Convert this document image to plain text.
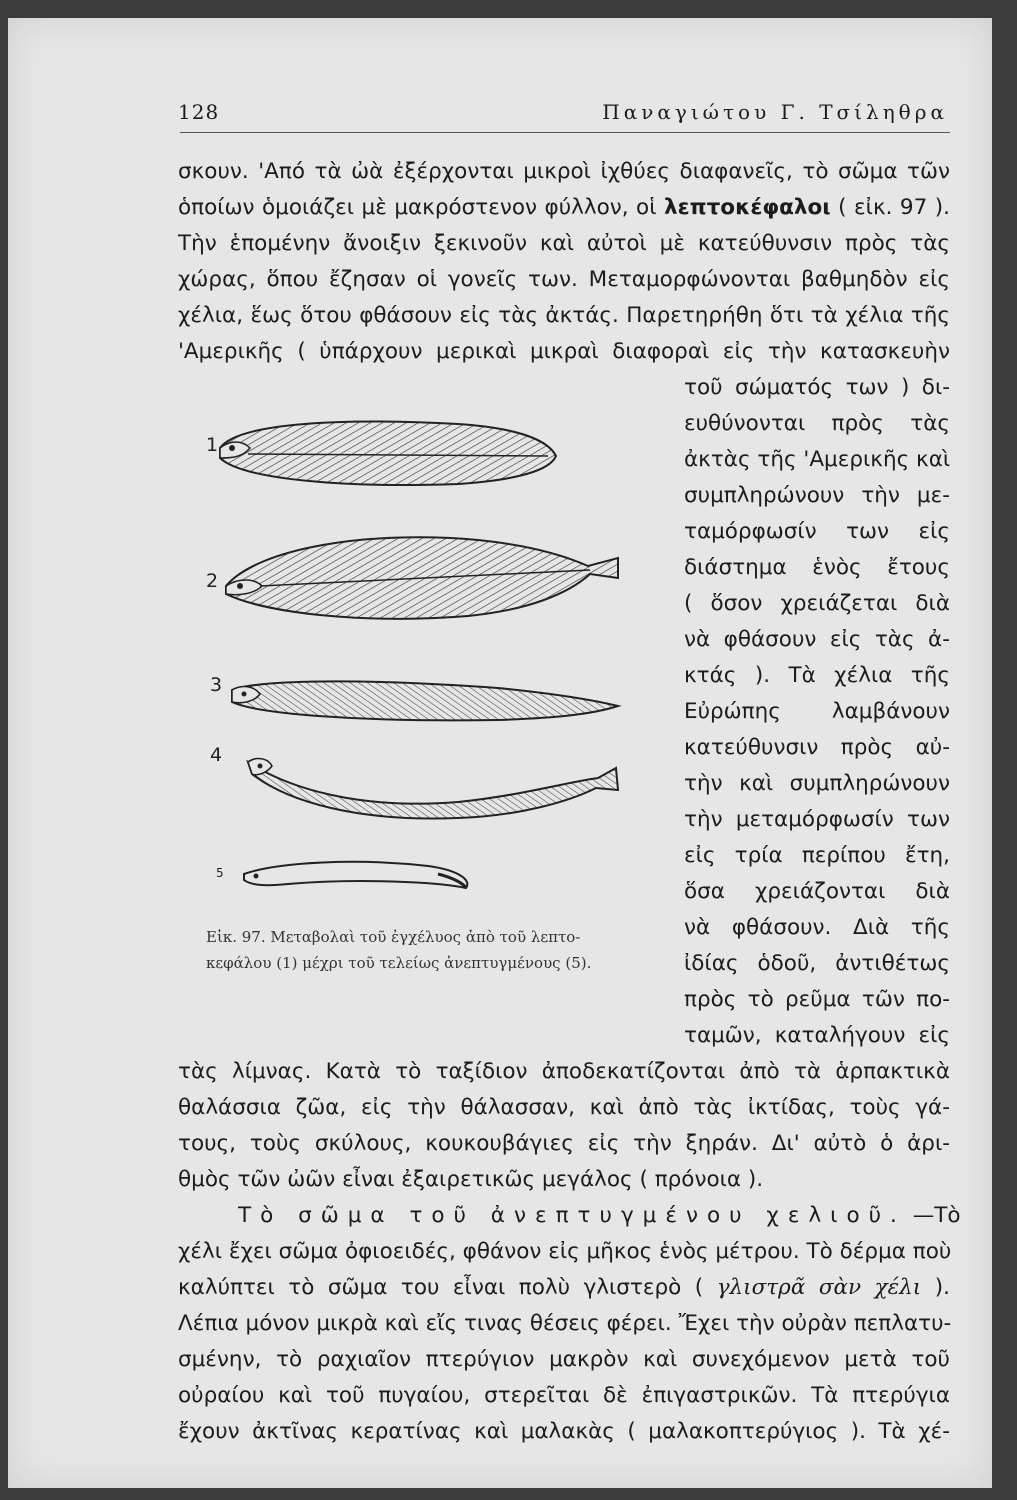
128	Παναγιώτου Γ. Τσίληθρα
σκουν. 'Από τὰ ὠὰ ἐξέρχονται μικροὶ ἰχθύες διαφανεῖς, τὸ σῶμα τῶν
ὁποίων ὁμοιάζει μὲ μακρόστενον φύλλον, οἱ λεπτοκέφαλοι ( εἰκ. 97 ).
Τὴν ἑπομένην ἄνοιξιν ξεκινοῦν καὶ αὐτοὶ μὲ κατεύθυνσιν πρὸς τὰς
χώρας, ὅπου ἔζησαν οἱ γονεῖς των. Μεταμορφώνονται βαθμηδὸν εἰς
χέλια, ἕως ὅτου φθάσουν εἰς τὰς ἀκτάς. Παρετηρήθη ὅτι τὰ χέλια τῆς
'Αμερικῆς ( ὑπάρχουν μερικαὶ μικραὶ διαφοραὶ εἰς τὴν κατασκευὴν
τοῦ σώματός των ) δι-
ευθύνονται πρὸς τὰς
ἀκτὰς τῆς 'Αμερικῆς καὶ
συμπληρώνουν τὴν με-
ταμόρφωσίν των εἰς
διάστημα ἑνὸς ἔτους
( ὅσον χρειάζεται διὰ
νὰ φθάσουν εἰς τὰς ἀ-
κτάς ). Τὰ χέλια τῆς
Εὐρώπης λαμβάνουν
κατεύθυνσιν πρὸς αὐ-
τὴν καὶ συμπληρώνουν
τὴν μεταμόρφωσίν των
εἰς τρία περίπου ἔτη,
ὅσα χρειάζονται διὰ
νὰ φθάσουν. Διὰ τῆς
ἰδίας ὁδοῦ, ἀντιθέτως
πρὸς τὸ ρεῦμα τῶν πο-
ταμῶν, καταλήγουν εἰς
1
2
3
4
5
Εἰκ. 97. Μεταβολαὶ τοῦ ἐγχέλυος ἀπὸ τοῦ λεπτο-
κεφάλου (1) μέχρι τοῦ τελείως ἀνεπτυγμένους (5).
τὰς λίμνας. Κατὰ τὸ ταξίδιον ἀποδεκατίζονται ἀπὸ τὰ ἁρπακτικὰ
θαλάσσια ζῶα, εἰς τὴν θάλασσαν, καὶ ἀπὸ τὰς ἰκτίδας, τοὺς γά-
τους, τοὺς σκύλους, κουκουβάγιες εἰς τὴν ξηράν. Δι' αὐτὸ ὁ ἀρι-
θμὸς τῶν ὠῶν εἶναι ἐξαιρετικῶς μεγάλος ( πρόνοια ).
Τὸ σῶμα τοῦ ἀνεπτυγμένου χελιοῦ. —Τὸ
χέλι ἔχει σῶμα ὀφιοειδές, φθάνον εἰς μῆκος ἑνὸς μέτρου. Τὸ δέρμα ποὺ
καλύπτει τὸ σῶμα του εἶναι πολὺ γλιστερὸ ( γλιστρᾶ σὰν χέλι ).
Λέπια μόνον μικρὰ καὶ εἴς τινας θέσεις φέρει. Ἔχει τὴν οὐρὰν πεπλατυ-
σμένην, τὸ ραχιαῖον πτερύγιον μακρὸν καὶ συνεχόμενον μετὰ τοῦ
οὐραίου καὶ τοῦ πυγαίου, στερεῖται δὲ ἐπιγαστρικῶν. Τὰ πτερύγια
ἔχουν ἀκτῖνας κερατίνας καὶ μαλακὰς ( μαλακοπτερύγιος ). Τὰ χέ-
